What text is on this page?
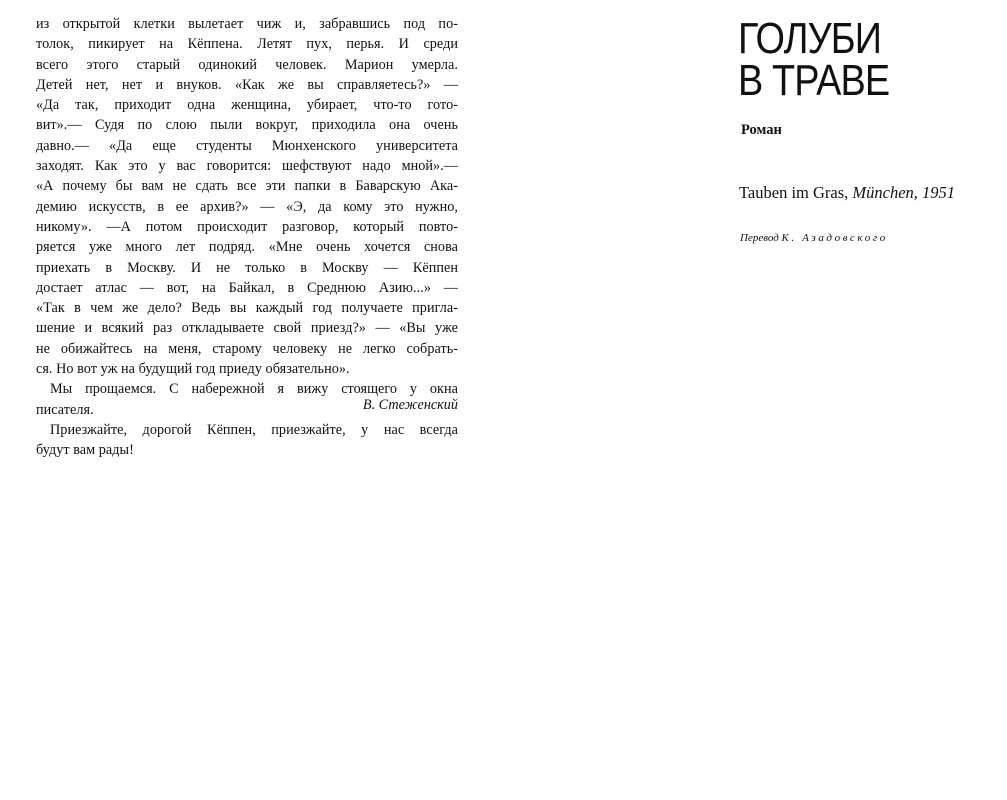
из открытой клетки вылетает чиж и, забравшись под по-
толок, пикирует на Кёппена. Летят пух, перья. И среди
всего этого старый одинокий человек. Марион умерла.
Детей нет, нет и внуков. «Как же вы справляетесь?» —
«Да так, приходит одна женщина, убирает, что-то гото-
вит».— Судя по слою пыли вокруг, приходила она очень
давно.— «Да еще студенты Мюнхенского университета
заходят. Как это у вас говорится: шефствуют надо мной».—
«А почему бы вам не сдать все эти папки в Баварскую Ака-
демию искусств, в ее архив?» — «Э, да кому это нужно,
никому». —А потом происходит разговор, который повто-
ряется уже много лет подряд. «Мне очень хочется снова
приехать в Москву. И не только в Москву — Кёппен
достает атлас — вот, на Байкал, в Среднюю Азию...» —
«Так в чем же дело? Ведь вы каждый год получаете пригла-
шение и всякий раз откладываете свой приезд?» — «Вы уже
не обижайтесь на меня, старому человеку не легко собрать-
ся. Но вот уж на будущий год приеду обязательно».
Мы прощаемся. С набережной я вижу стоящего у окна
писателя.
Приезжайте, дорогой Кёппен, приезжайте, у нас всегда
будут вам рады!
В. Стеженский
ГОЛУБИ
В ТРАВЕ
Роман
Tauben im Gras, München, 1951
Перевод К. Азадовского
